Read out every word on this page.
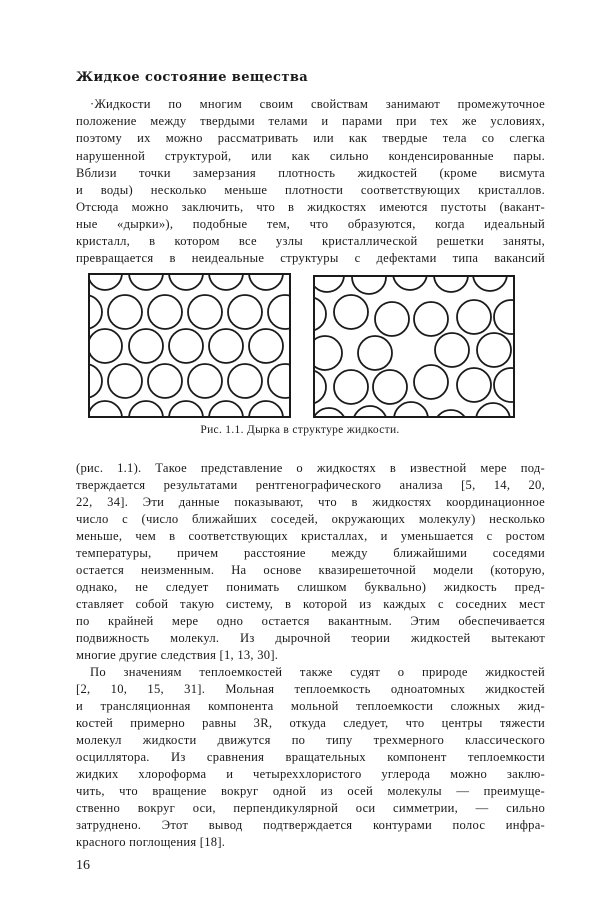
Жидкое состояние вещества
·Жидкости по многим своим свойствам занимают промежуточное
положение между твердыми телами и парами при тех же условиях,
поэтому их можно рассматривать или как твердые тела со слегка
нарушенной структурой, или как сильно конденсированные пары.
Вблизи точки замерзания плотность жидкостей (кроме висмута
и воды) несколько меньше плотности соответствующих кристаллов.
Отсюда можно заключить, что в жидкостях имеются пустоты (вакант-
ные «дырки»), подобные тем, что образуются, когда идеальный
кристалл, в котором все узлы кристаллической решетки заняты,
превращается в неидеальные структуры с дефектами типа вакансий
Рис. 1.1. Дырка в структуре жидкости.
(рис. 1.1). Такое представление о жидкостях в известной мере под-
тверждается результатами рентгенографического анализа [5, 14, 20,
22, 34]. Эти данные показывают, что в жидкостях координационное
число c (число ближайших соседей, окружающих молекулу) несколько
меньше, чем в соответствующих кристаллах, и уменьшается с ростом
температуры, причем расстояние между ближайшими соседями
остается неизменным. На основе квазирешеточной модели (которую,
однако, не следует понимать слишком буквально) жидкость пред-
ставляет собой такую систему, в которой из каждых c соседних мест
по крайней мере одно остается вакантным. Этим обеспечивается
подвижность молекул. Из дырочной теории жидкостей вытекают
многие другие следствия [1, 13, 30].
По значениям теплоемкостей также судят о природе жидкостей
[2, 10, 15, 31]. Мольная теплоемкость одноатомных жидкостей
и трансляционная компонента мольной теплоемкости сложных жид-
костей примерно равны 3R, откуда следует, что центры тяжести
молекул жидкости движутся по типу трехмерного классического
осциллятора. Из сравнения вращательных компонент теплоемкости
жидких хлороформа и четыреххлористого углерода можно заклю-
чить, что вращение вокруг одной из осей молекулы — преимуще-
ственно вокруг оси, перпендикулярной оси симметрии, — сильно
затруднено. Этот вывод подтверждается контурами полос инфра-
красного поглощения [18].
16
